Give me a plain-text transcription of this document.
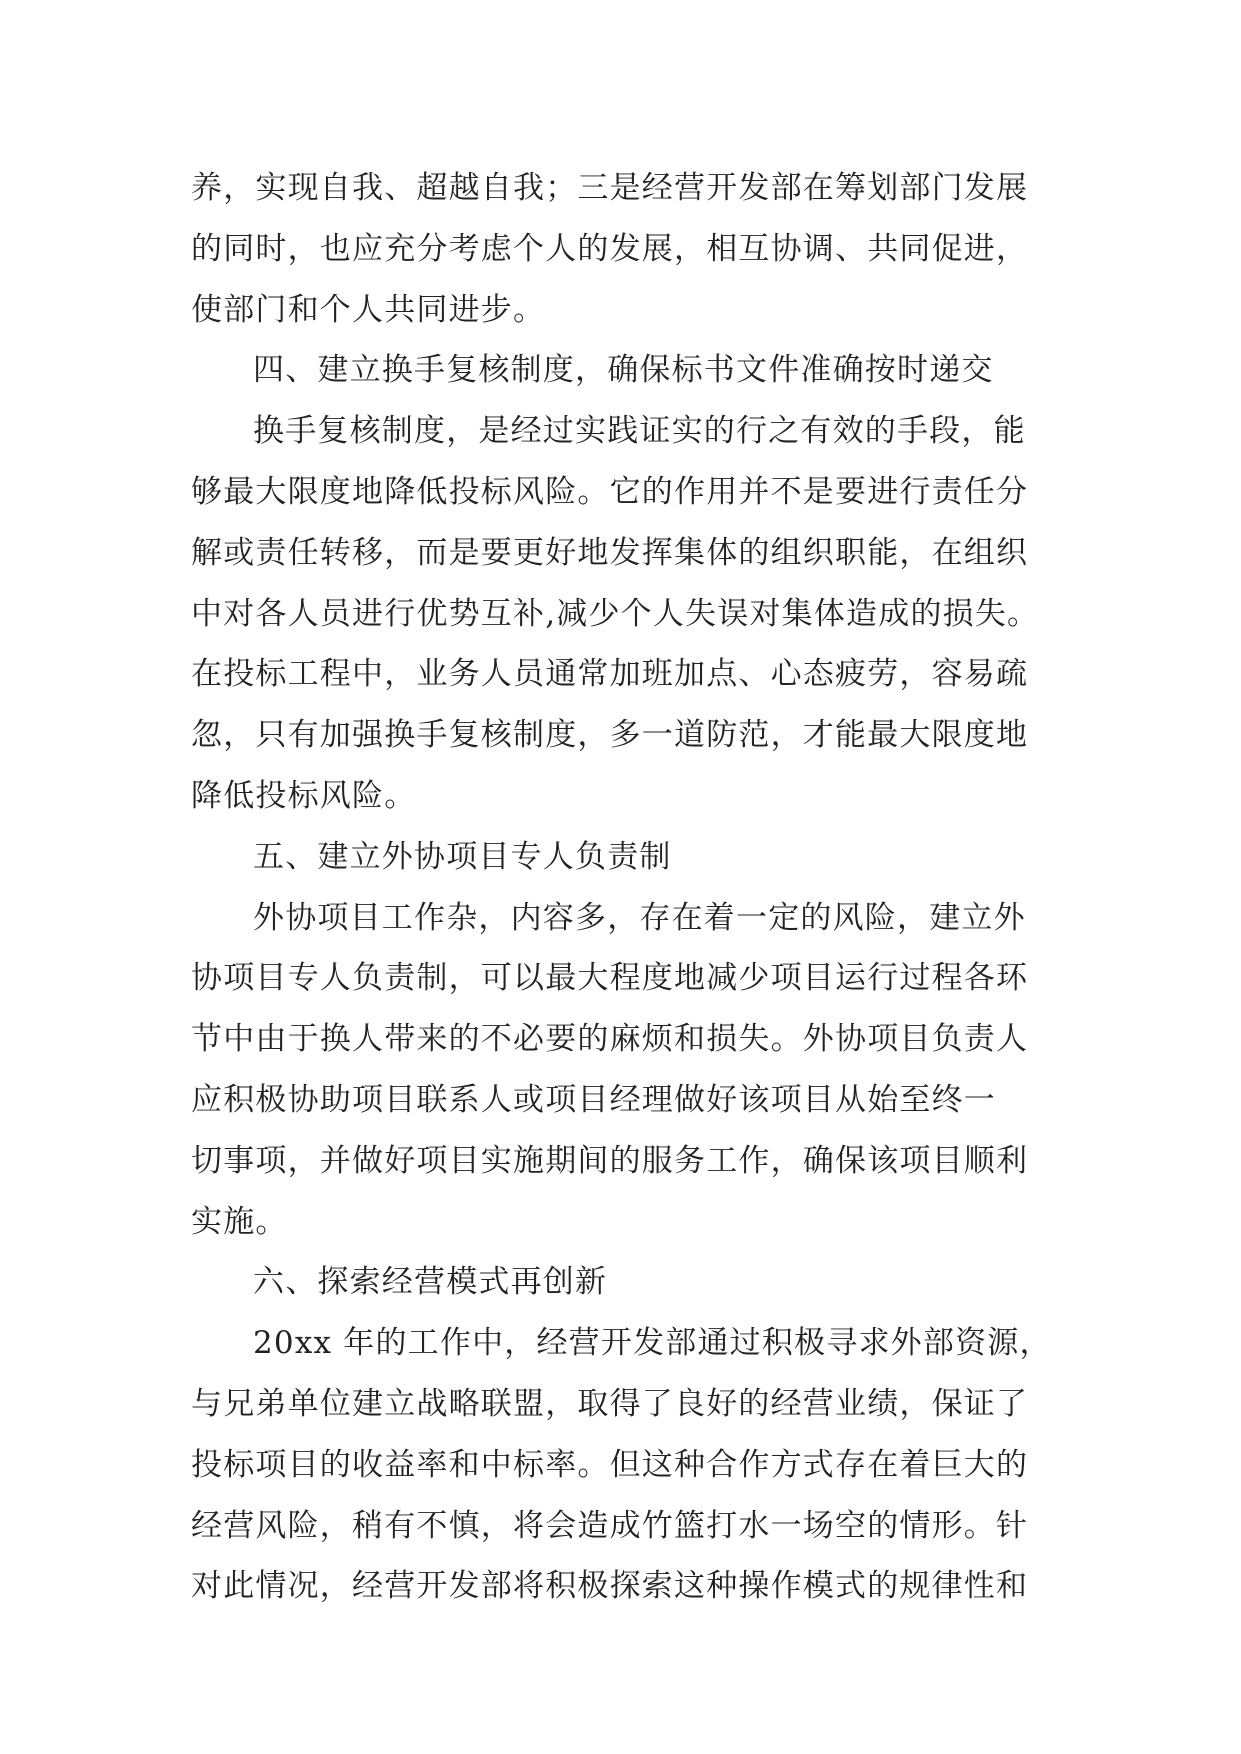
养，实现自我、超越自我；三是经营开发部在筹划部门发展
的同时，也应充分考虑个人的发展，相互协调、共同促进，
使部门和个人共同进步。
四、建立换手复核制度，确保标书文件准确按时递交
换手复核制度，是经过实践证实的行之有效的手段，能
够最大限度地降低投标风险。它的作用并不是要进行责任分
解或责任转移，而是要更好地发挥集体的组织职能，在组织
中对各人员进行优势互补,减少个人失误对集体造成的损失。
在投标工程中，业务人员通常加班加点、心态疲劳，容易疏
忽，只有加强换手复核制度，多一道防范，才能最大限度地
降低投标风险。
五、建立外协项目专人负责制
外协项目工作杂，内容多，存在着一定的风险，建立外
协项目专人负责制，可以最大程度地减少项目运行过程各环
节中由于换人带来的不必要的麻烦和损失。外协项目负责人
应积极协助项目联系人或项目经理做好该项目从始至终一
切事项，并做好项目实施期间的服务工作，确保该项目顺利
实施。
六、探索经营模式再创新
20xx 年的工作中，经营开发部通过积极寻求外部资源，
与兄弟单位建立战略联盟，取得了良好的经营业绩，保证了
投标项目的收益率和中标率。但这种合作方式存在着巨大的
经营风险，稍有不慎，将会造成竹篮打水一场空的情形。针
对此情况，经营开发部将积极探索这种操作模式的规律性和
